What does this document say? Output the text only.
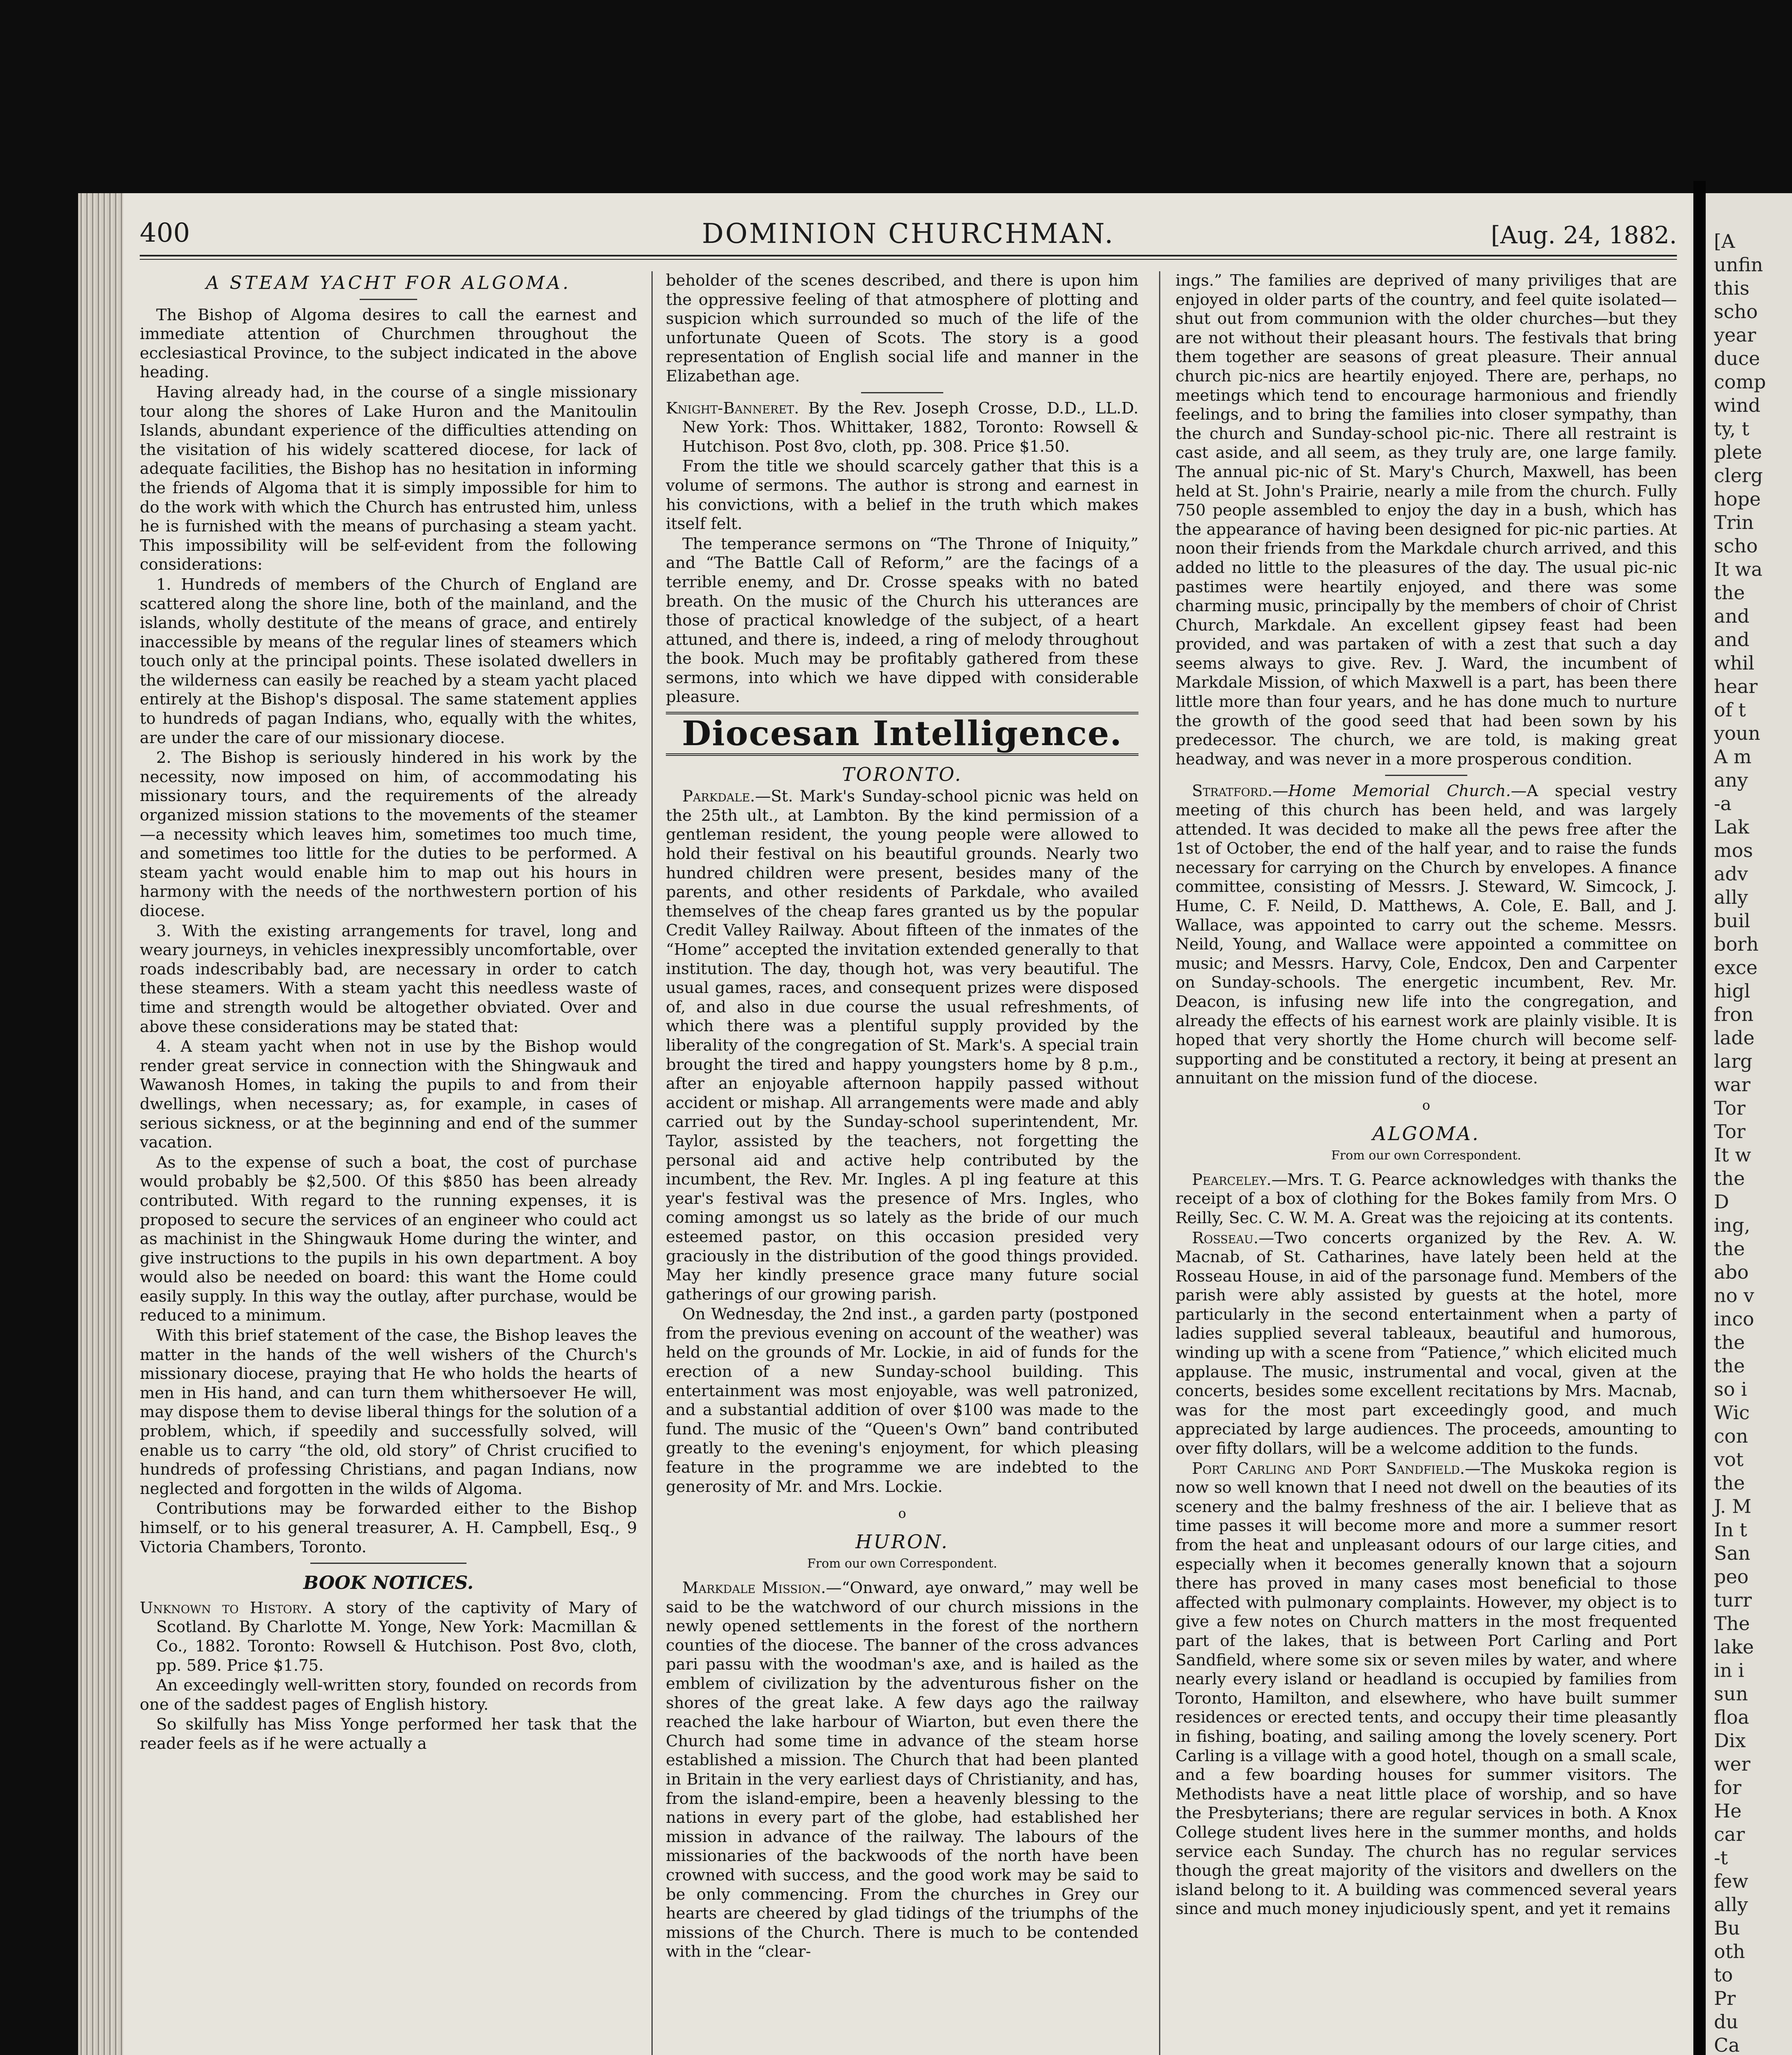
400	DOMINION CHURCHMAN.	[Aug. 24, 1882.

A STEAM YACHT FOR ALGOMA.

The Bishop of Algoma desires to call the earnest and immediate attention of Churchmen throughout the ecclesiastical Province, to the subject indicated in the above heading.

Having already had, in the course of a single missionary tour along the shores of Lake Huron and the Manitoulin Islands, abundant experience of the difficulties attending on the visitation of his widely scattered diocese, for lack of adequate facilities, the Bishop has no hesitation in informing the friends of Algoma that it is simply impossible for him to do the work with which the Church has entrusted him, unless he is furnished with the means of purchasing a steam yacht. This impossibility will be self-evident from the following considerations:

1. Hundreds of members of the Church of England are scattered along the shore line, both of the mainland, and the islands, wholly destitute of the means of grace, and entirely inaccessible by means of the regular lines of steamers which touch only at the principal points. These isolated dwellers in the wilderness can easily be reached by a steam yacht placed entirely at the Bishop's disposal. The same statement applies to hundreds of pagan Indians, who, equally with the whites, are under the care of our missionary diocese.

2. The Bishop is seriously hindered in his work by the necessity, now imposed on him, of accommodating his missionary tours, and the requirements of the already organized mission stations to the movements of the steamer—a necessity which leaves him, sometimes too much time, and sometimes too little for the duties to be performed. A steam yacht would enable him to map out his hours in harmony with the needs of the northwestern portion of his diocese.

3. With the existing arrangements for travel, long and weary journeys, in vehicles inexpressibly uncomfortable, over roads indescribably bad, are necessary in order to catch these steamers. With a steam yacht this needless waste of time and strength would be altogether obviated. Over and above these considerations may be stated that:

4. A steam yacht when not in use by the Bishop would render great service in connection with the Shingwauk and Wawanosh Homes, in taking the pupils to and from their dwellings, when necessary; as, for example, in cases of serious sickness, or at the beginning and end of the summer vacation.

As to the expense of such a boat, the cost of purchase would probably be $2,500. Of this $850 has been already contributed. With regard to the running expenses, it is proposed to secure the services of an engineer who could act as machinist in the Shingwauk Home during the winter, and give instructions to the pupils in his own department. A boy would also be needed on board: this want the Home could easily supply. In this way the outlay, after purchase, would be reduced to a minimum.

With this brief statement of the case, the Bishop leaves the matter in the hands of the well wishers of the Church's missionary diocese, praying that He who holds the hearts of men in His hand, and can turn them whithersoever He will, may dispose them to devise liberal things for the solution of a problem, which, if speedily and successfully solved, will enable us to carry “the old, old story” of Christ crucified to hundreds of professing Christians, and pagan Indians, now neglected and forgotten in the wilds of Algoma.

Contributions may be forwarded either to the Bishop himself, or to his general treasurer, A. H. Campbell, Esq., 9 Victoria Chambers, Toronto.

BOOK NOTICES.

Unknown to History. A story of the captivity of Mary of Scotland. By Charlotte M. Yonge, New York: Macmillan & Co., 1882. Toronto: Rowsell & Hutchison. Post 8vo, cloth, pp. 589. Price $1.75.

An exceedingly well-written story, founded on records from one of the saddest pages of English history.

So skilfully has Miss Yonge performed her task that the reader feels as if he were actually a

beholder of the scenes described, and there is upon him the oppressive feeling of that atmosphere of plotting and suspicion which surrounded so much of the life of the unfortunate Queen of Scots. The story is a good representation of English social life and manner in the Elizabethan age.

Knight-Banneret. By the Rev. Joseph Crosse, D.D., LL.D. New York: Thos. Whittaker, 1882, Toronto: Rowsell & Hutchison. Post 8vo, cloth, pp. 308. Price $1.50.

From the title we should scarcely gather that this is a volume of sermons. The author is strong and earnest in his convictions, with a belief in the truth which makes itself felt.

The temperance sermons on “The Throne of Iniquity,” and “The Battle Call of Reform,” are the facings of a terrible enemy, and Dr. Crosse speaks with no bated breath. On the music of the Church his utterances are those of practical knowledge of the subject, of a heart attuned, and there is, indeed, a ring of melody throughout the book. Much may be profitably gathered from these sermons, into which we have dipped with considerable pleasure.

Diocesan Intelligence.

TORONTO.

Parkdale.—St. Mark's Sunday-school picnic was held on the 25th ult., at Lambton. By the kind permission of a gentleman resident, the young people were allowed to hold their festival on his beautiful grounds. Nearly two hundred children were present, besides many of the parents, and other residents of Parkdale, who availed themselves of the cheap fares granted us by the popular Credit Valley Railway. About fifteen of the inmates of the “Home” accepted the invitation extended generally to that institution. The day, though hot, was very beautiful. The usual games, races, and consequent prizes were disposed of, and also in due course the usual refreshments, of which there was a plentiful supply provided by the liberality of the congregation of St. Mark's. A special train brought the tired and happy youngsters home by 8 p.m., after an enjoyable afternoon happily passed without accident or mishap. All arrangements were made and ably carried out by the Sunday-school superintendent, Mr. Taylor, assisted by the teachers, not forgetting the personal aid and active help contributed by the incumbent, the Rev. Mr. Ingles. A pl ing feature at this year's festival was the presence of Mrs. Ingles, who coming amongst us so lately as the bride of our much esteemed pastor, on this occasion presided very graciously in the distribution of the good things provided. May her kindly presence grace many future social gatherings of our growing parish.

On Wednesday, the 2nd inst., a garden party (postponed from the previous evening on account of the weather) was held on the grounds of Mr. Lockie, in aid of funds for the erection of a new Sunday-school building. This entertainment was most enjoyable, was well patronized, and a substantial addition of over $100 was made to the fund. The music of the “Queen's Own” band contributed greatly to the evening's enjoyment, for which pleasing feature in the programme we are indebted to the generosity of Mr. and Mrs. Lockie.

o

HURON.

From our own Correspondent.

Markdale Mission.—“Onward, aye onward,” may well be said to be the watchword of our church missions in the newly opened settlements in the forest of the northern counties of the diocese. The banner of the cross advances pari passu with the woodman's axe, and is hailed as the emblem of civilization by the adventurous fisher on the shores of the great lake. A few days ago the railway reached the lake harbour of Wiarton, but even there the Church had some time in advance of the steam horse established a mission. The Church that had been planted in Britain in the very earliest days of Christianity, and has, from the island-empire, been a heavenly blessing to the nations in every part of the globe, had established her mission in advance of the railway. The labours of the missionaries of the backwoods of the north have been crowned with success, and the good work may be said to be only commencing. From the churches in Grey our hearts are cheered by glad tidings of the triumphs of the missions of the Church. There is much to be contended with in the “clear-

ings.” The families are deprived of many priviliges that are enjoyed in older parts of the country, and feel quite isolated—shut out from communion with the older churches—but they are not without their pleasant hours. The festivals that bring them together are seasons of great pleasure. Their annual church pic-nics are heartily enjoyed. There are, perhaps, no meetings which tend to encourage harmonious and friendly feelings, and to bring the families into closer sympathy, than the church and Sunday-school pic-nic. There all restraint is cast aside, and all seem, as they truly are, one large family. The annual pic-nic of St. Mary's Church, Maxwell, has been held at St. John's Prairie, nearly a mile from the church. Fully 750 people assembled to enjoy the day in a bush, which has the appearance of having been designed for pic-nic parties. At noon their friends from the Markdale church arrived, and this added no little to the pleasures of the day. The usual pic-nic pastimes were heartily enjoyed, and there was some charming music, principally by the members of choir of Christ Church, Markdale. An excellent gipsey feast had been provided, and was partaken of with a zest that such a day seems always to give. Rev. J. Ward, the incumbent of Markdale Mission, of which Maxwell is a part, has been there little more than four years, and he has done much to nurture the growth of the good seed that had been sown by his predecessor. The church, we are told, is making great headway, and was never in a more prosperous condition.

Stratford.—Home Memorial Church.—A special vestry meeting of this church has been held, and was largely attended. It was decided to make all the pews free after the 1st of October, the end of the half year, and to raise the funds necessary for carrying on the Church by envelopes. A finance committee, consisting of Messrs. J. Steward, W. Simcock, J. Hume, C. F. Neild, D. Matthews, A. Cole, E. Ball, and J. Wallace, was appointed to carry out the scheme. Messrs. Neild, Young, and Wallace were appointed a committee on music; and Messrs. Harvy, Cole, Endcox, Den and Carpenter on Sunday-schools. The energetic incumbent, Rev. Mr. Deacon, is infusing new life into the congregation, and already the effects of his earnest work are plainly visible. It is hoped that very shortly the Home church will become self-supporting and be constituted a rectory, it being at present an annuitant on the mission fund of the diocese.

o

ALGOMA.

From our own Correspondent.

Pearceley.—Mrs. T. G. Pearce acknowledges with thanks the receipt of a box of clothing for the Bokes family from Mrs. O Reilly, Sec. C. W. M. A. Great was the rejoicing at its contents.

Rosseau.—Two concerts organized by the Rev. A. W. Macnab, of St. Catharines, have lately been held at the Rosseau House, in aid of the parsonage fund. Members of the parish were ably assisted by guests at the hotel, more particularly in the second entertainment when a party of ladies supplied several tableaux, beautiful and humorous, winding up with a scene from “Patience,” which elicited much applause. The music, instrumental and vocal, given at the concerts, besides some excellent recitations by Mrs. Macnab, was for the most part exceedingly good, and much appreciated by large audiences. The proceeds, amounting to over fifty dollars, will be a welcome addition to the funds.

Port Carling and Port Sandfield.—The Muskoka region is now so well known that I need not dwell on the beauties of its scenery and the balmy freshness of the air. I believe that as time passes it will become more and more a summer resort from the heat and unpleasant odours of our large cities, and especially when it becomes generally known that a sojourn there has proved in many cases most beneficial to those affected with pulmonary complaints. However, my object is to give a few notes on Church matters in the most frequented part of the lakes, that is between Port Carling and Port Sandfield, where some six or seven miles by water, and where nearly every island or headland is occupied by families from Toronto, Hamilton, and elsewhere, who have built summer residences or erected tents, and occupy their time pleasantly in fishing, boating, and sailing among the lovely scenery. Port Carling is a village with a good hotel, though on a small scale, and a few boarding houses for summer visitors. The Methodists have a neat little place of worship, and so have the Presbyterians; there are regular services in both. A Knox College student lives here in the summer months, and holds service each Sunday. The church has no regular services though the great majority of the visitors and dwellers on the island belong to it. A building was commenced several years since and much money injudiciously spent, and yet it remains

[A
unfin
this
scho
year
duce
comp
wind
ty, t
plete
clerg
hope
Trin
scho
It wa
the
and
and
whil
hear
of t
youn
A m
any
-a
Lak
mos
adv
ally
buil
borh
exce
higl
fron
lade
larg
war
Tor
Tor
It w
the
D
ing,
the
abo
no v
inco
the
the
so i
Wic
con
vot
the
J. M
In t
San
peo
turr
The
lake
in i
sun
floa
Dix
wer
for
He
car
-t
few
ally
Bu
oth
to
Pr
du
Ca
